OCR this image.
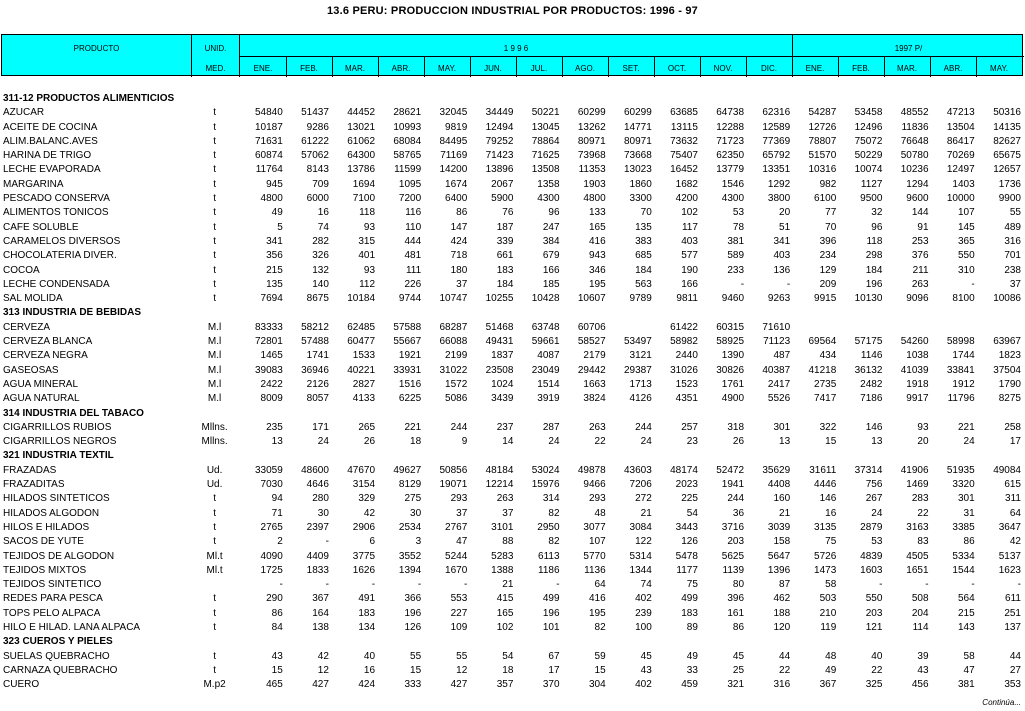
13.6 PERU: PRODUCCION INDUSTRIAL POR PRODUCTOS: 1996 - 97
PRODUCTO	UNID.
MED.
1 9 9 6	1997 P/
ENE.	FEB.	MAR.	ABR.	MAY.	JUN.	JUL.	AGO.	SET.	OCT.	NOV.	DIC.	ENE.	FEB.	MAR.	ABR.	MAY.
311-12 PRODUCTOS ALIMENTICIOS																		
AZUCAR	t	54840	51437	44452	28621	32045	34449	50221	60299	60299	63685	64738	62316	54287	53458	48552	47213	50316
ACEITE DE COCINA	t	10187	9286	13021	10993	9819	12494	13045	13262	14771	13115	12288	12589	12726	12496	11836	13504	14135
ALIM.BALANC.AVES	t	71631	61222	61062	68084	84495	79252	78864	80971	80971	73632	71723	77369	78807	75072	76648	86417	82627
HARINA DE TRIGO	t	60874	57062	64300	58765	71169	71423	71625	73968	73668	75407	62350	65792	51570	50229	50780	70269	65675
LECHE EVAPORADA	t	11764	8143	13786	11599	14200	13896	13508	11353	13023	16452	13779	13351	10316	10074	10236	12497	12657
MARGARINA	t	945	709	1694	1095	1674	2067	1358	1903	1860	1682	1546	1292	982	1127	1294	1403	1736
PESCADO CONSERVA	t	4800	6000	7100	7200	6400	5900	4300	4800	3300	4200	4300	3800	6100	9500	9600	10000	9900
ALIMENTOS TONICOS	t	49	16	118	116	86	76	96	133	70	102	53	20	77	32	144	107	55
CAFE SOLUBLE	t	5	74	93	110	147	187	247	165	135	117	78	51	70	96	91	145	489
CARAMELOS DIVERSOS	t	341	282	315	444	424	339	384	416	383	403	381	341	396	118	253	365	316
CHOCOLATERIA DIVER.	t	356	326	401	481	718	661	679	943	685	577	589	403	234	298	376	550	701
COCOA	t	215	132	93	111	180	183	166	346	184	190	233	136	129	184	211	310	238
LECHE CONDENSADA	t	135	140	112	226	37	184	185	195	563	166	-	-	209	196	263	-	37
SAL MOLIDA	t	7694	8675	10184	9744	10747	10255	10428	10607	9789	9811	9460	9263	9915	10130	9096	8100	10086
313 INDUSTRIA DE BEBIDAS																		
CERVEZA	M.l	83333	58212	62485	57588	68287	51468	63748	60706		61422	60315	71610					
CERVEZA BLANCA	M.l	72801	57488	60477	55667	66088	49431	59661	58527	53497	58982	58925	71123	69564	57175	54260	58998	63967
CERVEZA NEGRA	M.l	1465	1741	1533	1921	2199	1837	4087	2179	3121	2440	1390	487	434	1146	1038	1744	1823
GASEOSAS	M.l	39083	36946	40221	33931	31022	23508	23049	29442	29387	31026	30826	40387	41218	36132	41039	33841	37504
AGUA MINERAL	M.l	2422	2126	2827	1516	1572	1024	1514	1663	1713	1523	1761	2417	2735	2482	1918	1912	1790
AGUA NATURAL	M.l	8009	8057	4133	6225	5086	3439	3919	3824	4126	4351	4900	5526	7417	7186	9917	11796	8275
314 INDUSTRIA DEL TABACO																		
CIGARRILLOS RUBIOS	Mllns.	235	171	265	221	244	237	287	263	244	257	318	301	322	146	93	221	258
CIGARRILLOS NEGROS	Mllns.	13	24	26	18	9	14	24	22	24	23	26	13	15	13	20	24	17
321 INDUSTRIA TEXTIL																		
FRAZADAS	Ud.	33059	48600	47670	49627	50856	48184	53024	49878	43603	48174	52472	35629	31611	37314	41906	51935	49084
FRAZADITAS	Ud.	7030	4646	3154	8129	19071	12214	15976	9466	7206	2023	1941	4408	4446	756	1469	3320	615
HILADOS SINTETICOS	t	94	280	329	275	293	263	314	293	272	225	244	160	146	267	283	301	311
HILADOS ALGODON	t	71	30	42	30	37	37	82	48	21	54	36	21	16	24	22	31	64
HILOS E HILADOS	t	2765	2397	2906	2534	2767	3101	2950	3077	3084	3443	3716	3039	3135	2879	3163	3385	3647
SACOS DE YUTE	t	2	-	6	3	47	88	82	107	122	126	203	158	75	53	83	86	42
TEJIDOS DE ALGODON	Ml.t	4090	4409	3775	3552	5244	5283	6113	5770	5314	5478	5625	5647	5726	4839	4505	5334	5137
TEJIDOS MIXTOS	Ml.t	1725	1833	1626	1394	1670	1388	1186	1136	1344	1177	1139	1396	1473	1603	1651	1544	1623
TEJIDOS SINTETICO		-	-	-	-	-	21	-	64	74	75	80	87	58	-	-	-	-
REDES PARA PESCA	t	290	367	491	366	553	415	499	416	402	499	396	462	503	550	508	564	611
TOPS PELO ALPACA	t	86	164	183	196	227	165	196	195	239	183	161	188	210	203	204	215	251
HILO E HILAD. LANA ALPACA	t	84	138	134	126	109	102	101	82	100	89	86	120	119	121	114	143	137
323 CUEROS Y PIELES																		
SUELAS QUEBRACHO	t	43	42	40	55	55	54	67	59	45	49	45	44	48	40	39	58	44
CARNAZA QUEBRACHO	t	15	12	16	15	12	18	17	15	43	33	25	22	49	22	43	47	27
CUERO	M.p2	465	427	424	333	427	357	370	304	402	459	321	316	367	325	456	381	353
Continúa...
